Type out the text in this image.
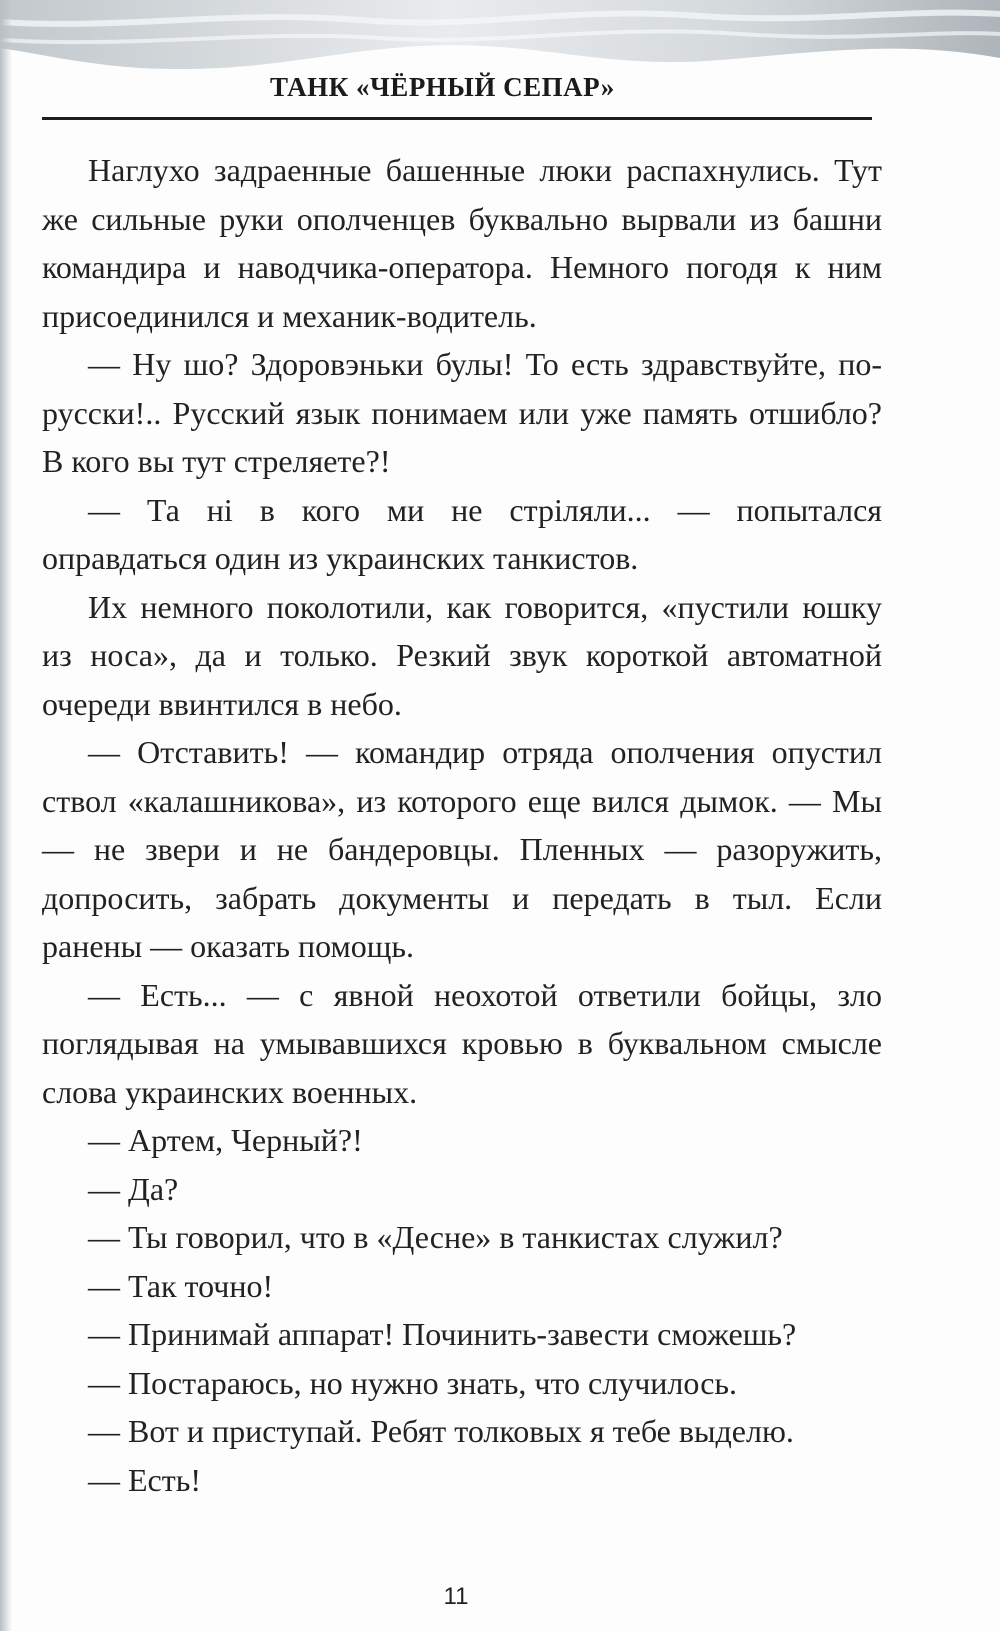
ТАНК «ЧЁРНЫЙ СЕПАР»

Наглухо задраенные башенные люки распахнулись. Тут же сильные руки ополченцев буквально вырвали из башни командира и наводчика-оператора. Немного погодя к ним присоединился и механик-водитель.

— Ну шо? Здоровэньки булы! То есть здравствуйте, по-русски!.. Русский язык понимаем или уже память отшибло? В кого вы тут стреляете?!

— Та ні в кого ми не стріляли... — попытался оправдаться один из украинских танкистов.

Их немного поколотили, как говорится, «пустили юшку из носа», да и только. Резкий звук короткой автоматной очереди ввинтился в небо.

— Отставить! — командир отряда ополчения опустил ствол «калашникова», из которого еще вился дымок. — Мы — не звери и не бандеровцы. Пленных — разоружить, допросить, забрать документы и передать в тыл. Если ранены — оказать помощь.

— Есть... — с явной неохотой ответили бойцы, зло поглядывая на умывавшихся кровью в буквальном смысле слова украинских военных.

— Артем, Черный?!

— Да?

— Ты говорил, что в «Десне» в танкистах служил?

— Так точно!

— Принимай аппарат! Починить-завести сможешь?

— Постараюсь, но нужно знать, что случилось.

— Вот и приступай. Ребят толковых я тебе выделю.

— Есть!

11
